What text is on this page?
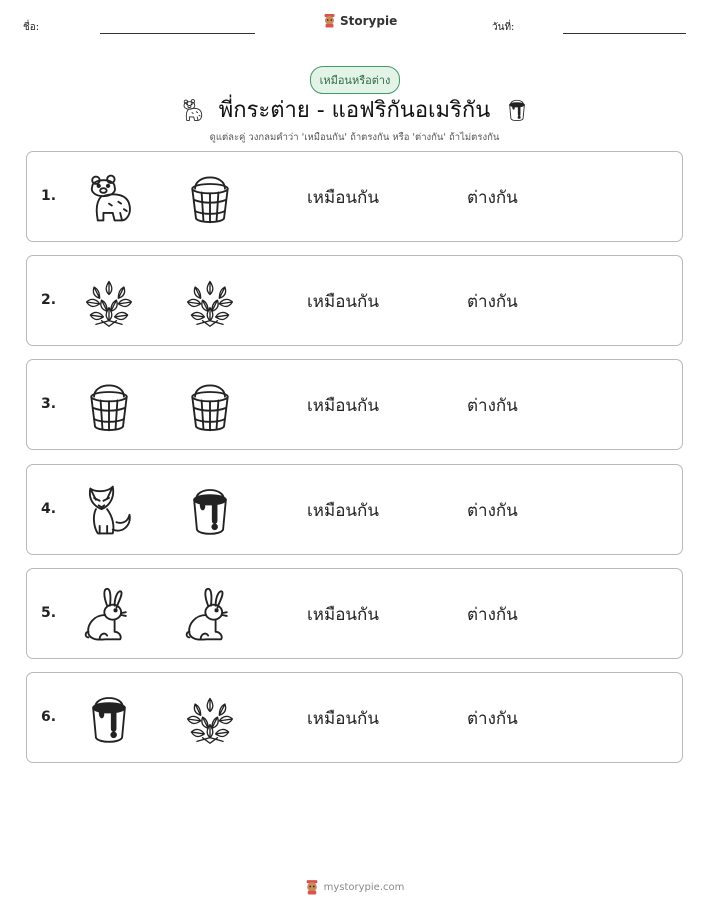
ชื่อ:	Storypie	วันที่:
เหมือนหรือต่าง
พี่กระต่าย - แอฟริกันอเมริกัน
ดูแต่ละคู่ วงกลมคำว่า 'เหมือนกัน' ถ้าตรงกัน หรือ 'ต่างกัน' ถ้าไม่ตรงกัน
1.	เหมือนกัน	ต่างกัน
2.	เหมือนกัน	ต่างกัน
3.	เหมือนกัน	ต่างกัน
4.	เหมือนกัน	ต่างกัน
5.	เหมือนกัน	ต่างกัน
6.	เหมือนกัน	ต่างกัน
mystorypie.com
